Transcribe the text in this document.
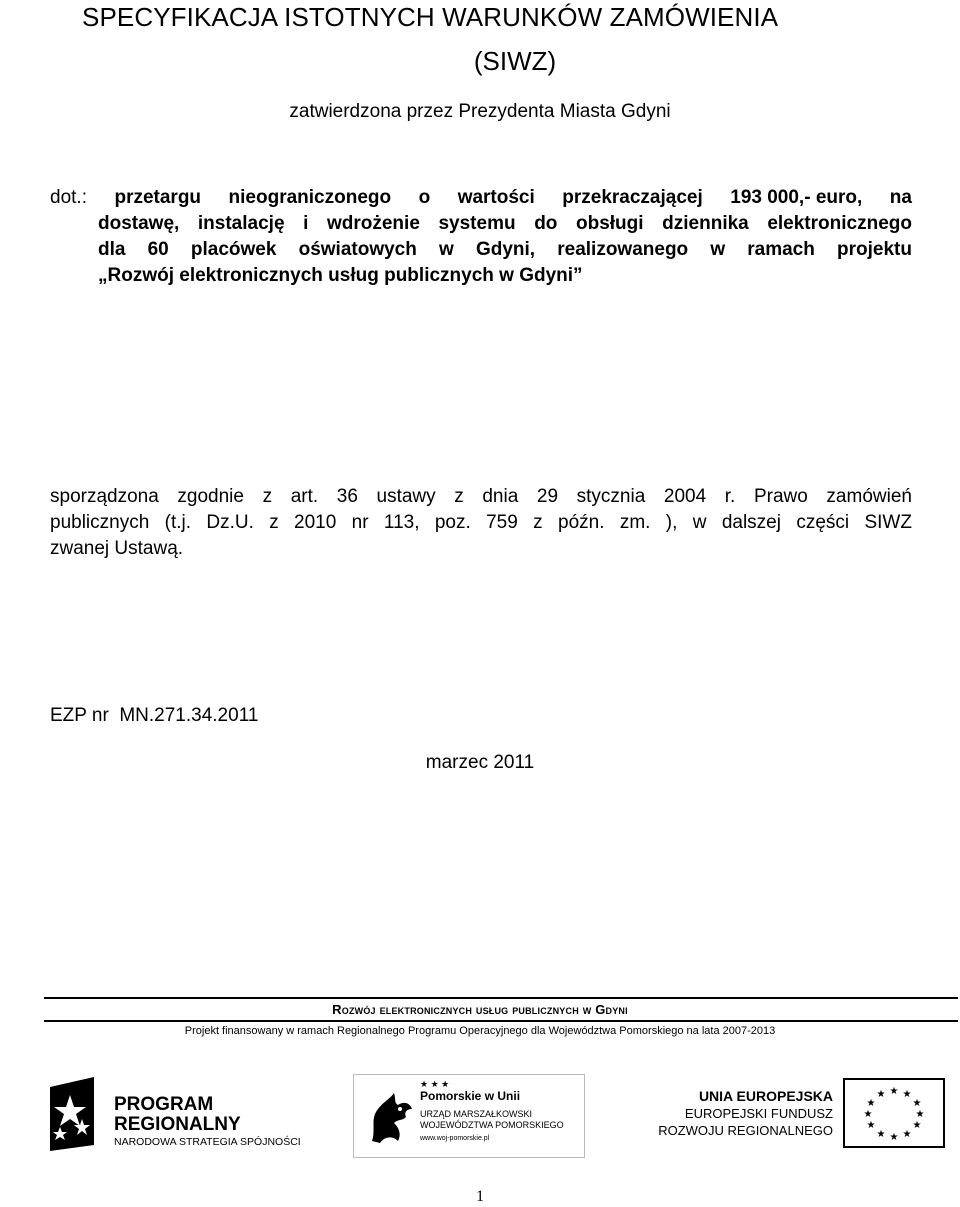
SPECYFIKACJA ISTOTNYCH WARUNKÓW ZAMÓWIENIA
(SIWZ)
zatwierdzona przez Prezydenta Miasta Gdyni
dot.: przetargu nieograniczonego o wartości przekraczającej 193 000,- euro, na
dostawę, instalację i wdrożenie systemu do obsługi dziennika elektronicznego
dla 60 placówek oświatowych w Gdyni, realizowanego w ramach projektu
„Rozwój elektronicznych usług publicznych w Gdyni”
sporządzona zgodnie z art. 36 ustawy z dnia 29 stycznia 2004 r. Prawo zamówień
publicznych (t.j. Dz.U. z 2010 nr 113, poz. 759 z późn. zm. ), w dalszej części SIWZ
zwanej Ustawą.
EZP nr  MN.271.34.2011
marzec 2011
Rozwój elektronicznych usług publicznych w Gdyni
Projekt finansowany w ramach Regionalnego Programu Operacyjnego dla Województwa Pomorskiego na lata 2007-2013
PROGRAM
REGIONALNY
NARODOWA STRATEGIA SPÓJNOŚCI
★ ★ ★
Pomorskie w Unii
URZĄD MARSZAŁKOWSKI
WOJEWÓDZTWA POMORSKIEGO
www.woj-pomorskie.pl
UNIA EUROPEJSKA
EUROPEJSKI FUNDUSZ
ROZWOJU REGIONALNEGO
★ ★
★
★
★
★
★
★
★
★
★
★
1
